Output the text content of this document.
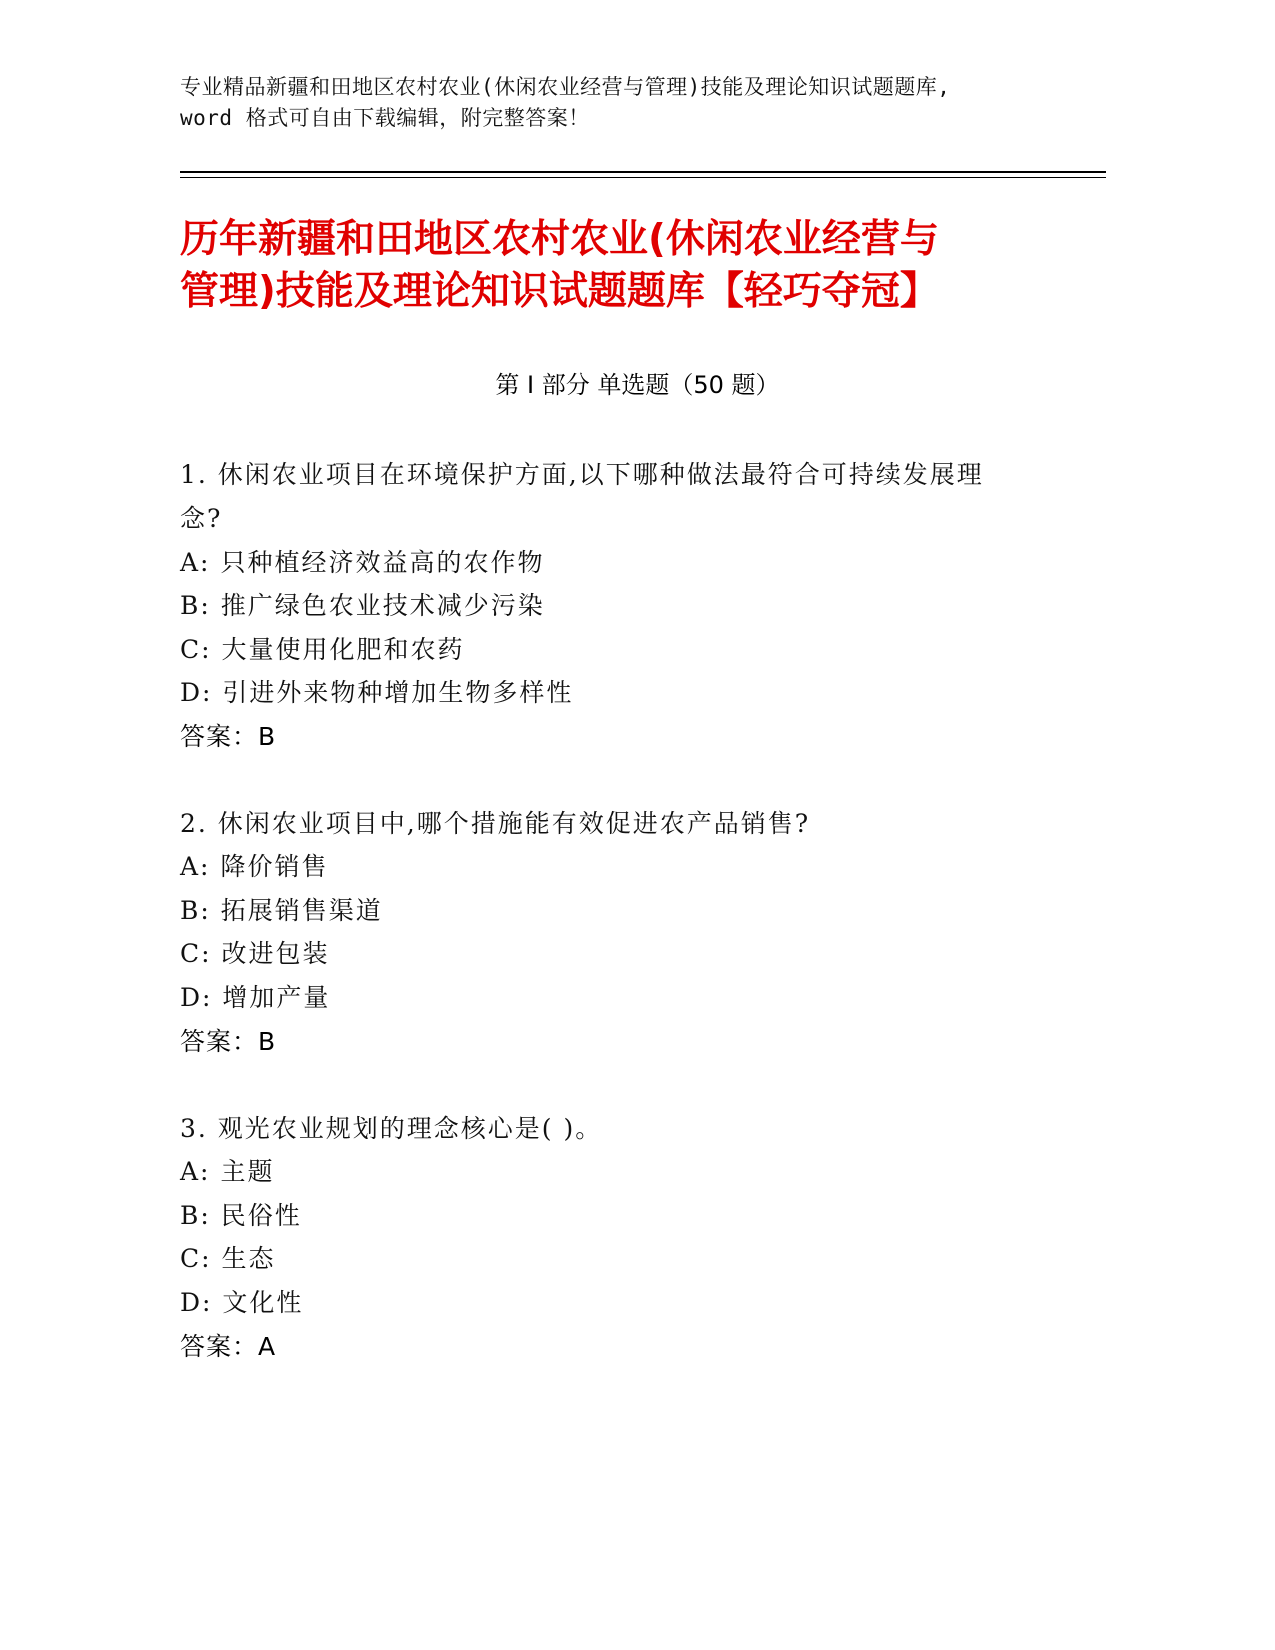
专业精品新疆和田地区农村农业(休闲农业经营与管理)技能及理论知识试题题库,
word 格式可自由下载编辑，附完整答案！
历年新疆和田地区农村农业(休闲农业经营与
管理)技能及理论知识试题题库【轻巧夺冠】
第 I 部分 单选题（50 题）
1. 休闲农业项目在环境保护方面,以下哪种做法最符合可持续发展理
念?
A: 只种植经济效益高的农作物
B: 推广绿色农业技术减少污染
C: 大量使用化肥和农药
D: 引进外来物种增加生物多样性
答案：B
2. 休闲农业项目中,哪个措施能有效促进农产品销售?
A: 降价销售
B: 拓展销售渠道
C: 改进包装
D: 增加产量
答案：B
3. 观光农业规划的理念核心是( )。
A: 主题
B: 民俗性
C: 生态
D: 文化性
答案：A
